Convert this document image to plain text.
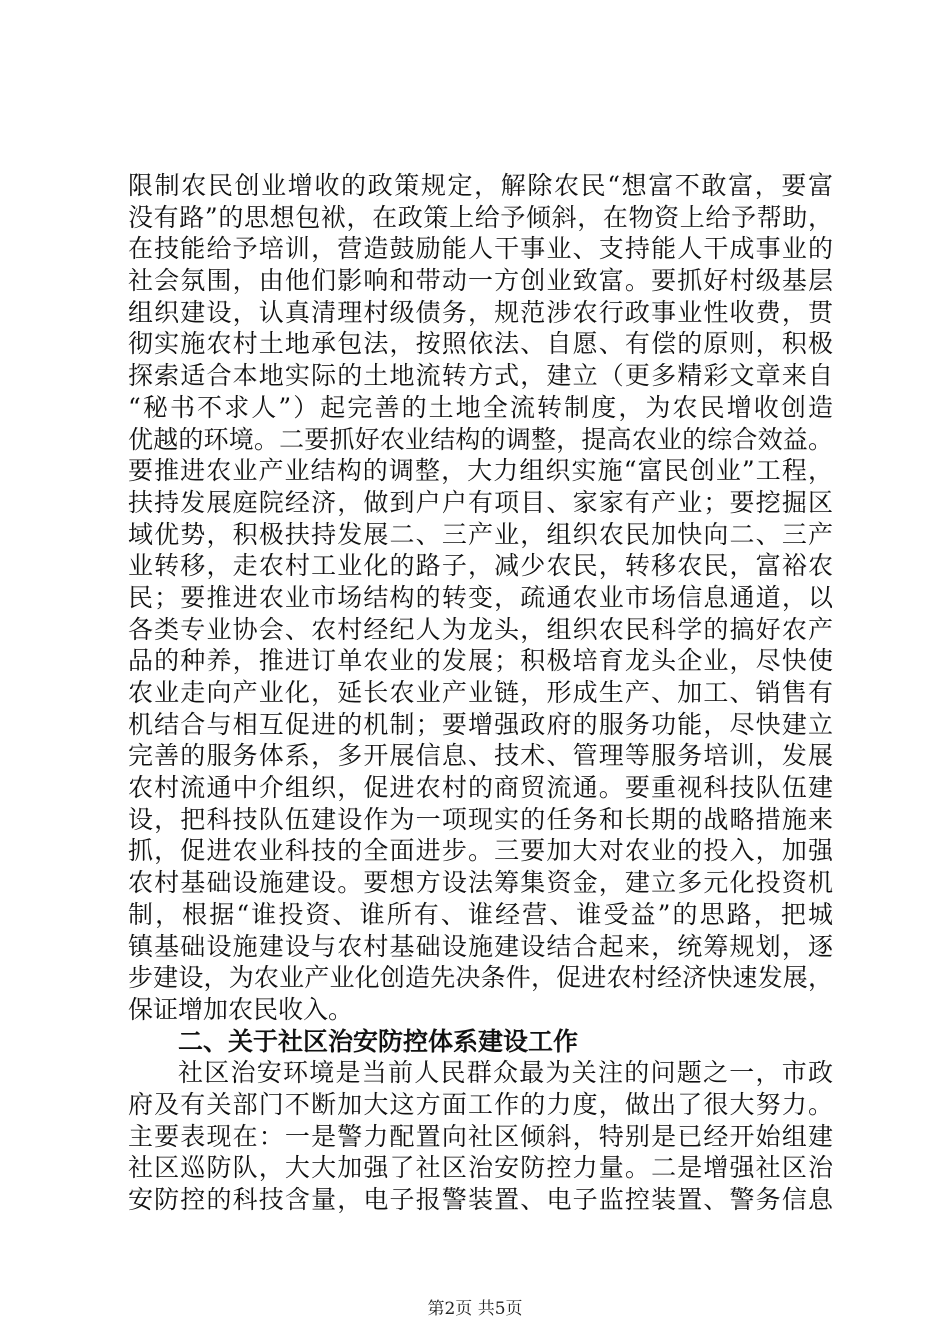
限制农民创业增收的政策规定，解除农民“想富不敢富，要富
没有路”的思想包袱，在政策上给予倾斜，在物资上给予帮助，
在技能给予培训，营造鼓励能人干事业、支持能人干成事业的
社会氛围，由他们影响和带动一方创业致富。要抓好村级基层
组织建设，认真清理村级债务，规范涉农行政事业性收费，贯
彻实施农村土地承包法，按照依法、自愿、有偿的原则，积极
探索适合本地实际的土地流转方式，建立（更多精彩文章来自
“秘书不求人”）起完善的土地全流转制度，为农民增收创造
优越的环境。二要抓好农业结构的调整，提高农业的综合效益。
要推进农业产业结构的调整，大力组织实施“富民创业”工程，
扶持发展庭院经济，做到户户有项目、家家有产业；要挖掘区
域优势，积极扶持发展二、三产业，组织农民加快向二、三产
业转移，走农村工业化的路子，减少农民，转移农民，富裕农
民；要推进农业市场结构的转变，疏通农业市场信息通道，以
各类专业协会、农村经纪人为龙头，组织农民科学的搞好农产
品的种养，推进订单农业的发展；积极培育龙头企业，尽快使
农业走向产业化，延长农业产业链，形成生产、加工、销售有
机结合与相互促进的机制；要增强政府的服务功能，尽快建立
完善的服务体系，多开展信息、技术、管理等服务培训，发展
农村流通中介组织，促进农村的商贸流通。要重视科技队伍建
设，把科技队伍建设作为一项现实的任务和长期的战略措施来
抓，促进农业科技的全面进步。三要加大对农业的投入，加强
农村基础设施建设。要想方设法筹集资金，建立多元化投资机
制，根据“谁投资、谁所有、谁经营、谁受益”的思路，把城
镇基础设施建设与农村基础设施建设结合起来，统筹规划，逐
步建设，为农业产业化创造先决条件，促进农村经济快速发展，
保证增加农民收入。
二、关于社区治安防控体系建设工作
社区治安环境是当前人民群众最为关注的问题之一，市政
府及有关部门不断加大这方面工作的力度，做出了很大努力。
主要表现在：一是警力配置向社区倾斜，特别是已经开始组建
社区巡防队，大大加强了社区治安防控力量。二是增强社区治
安防控的科技含量，电子报警装置、电子监控装置、警务信息
第2页 共5页
